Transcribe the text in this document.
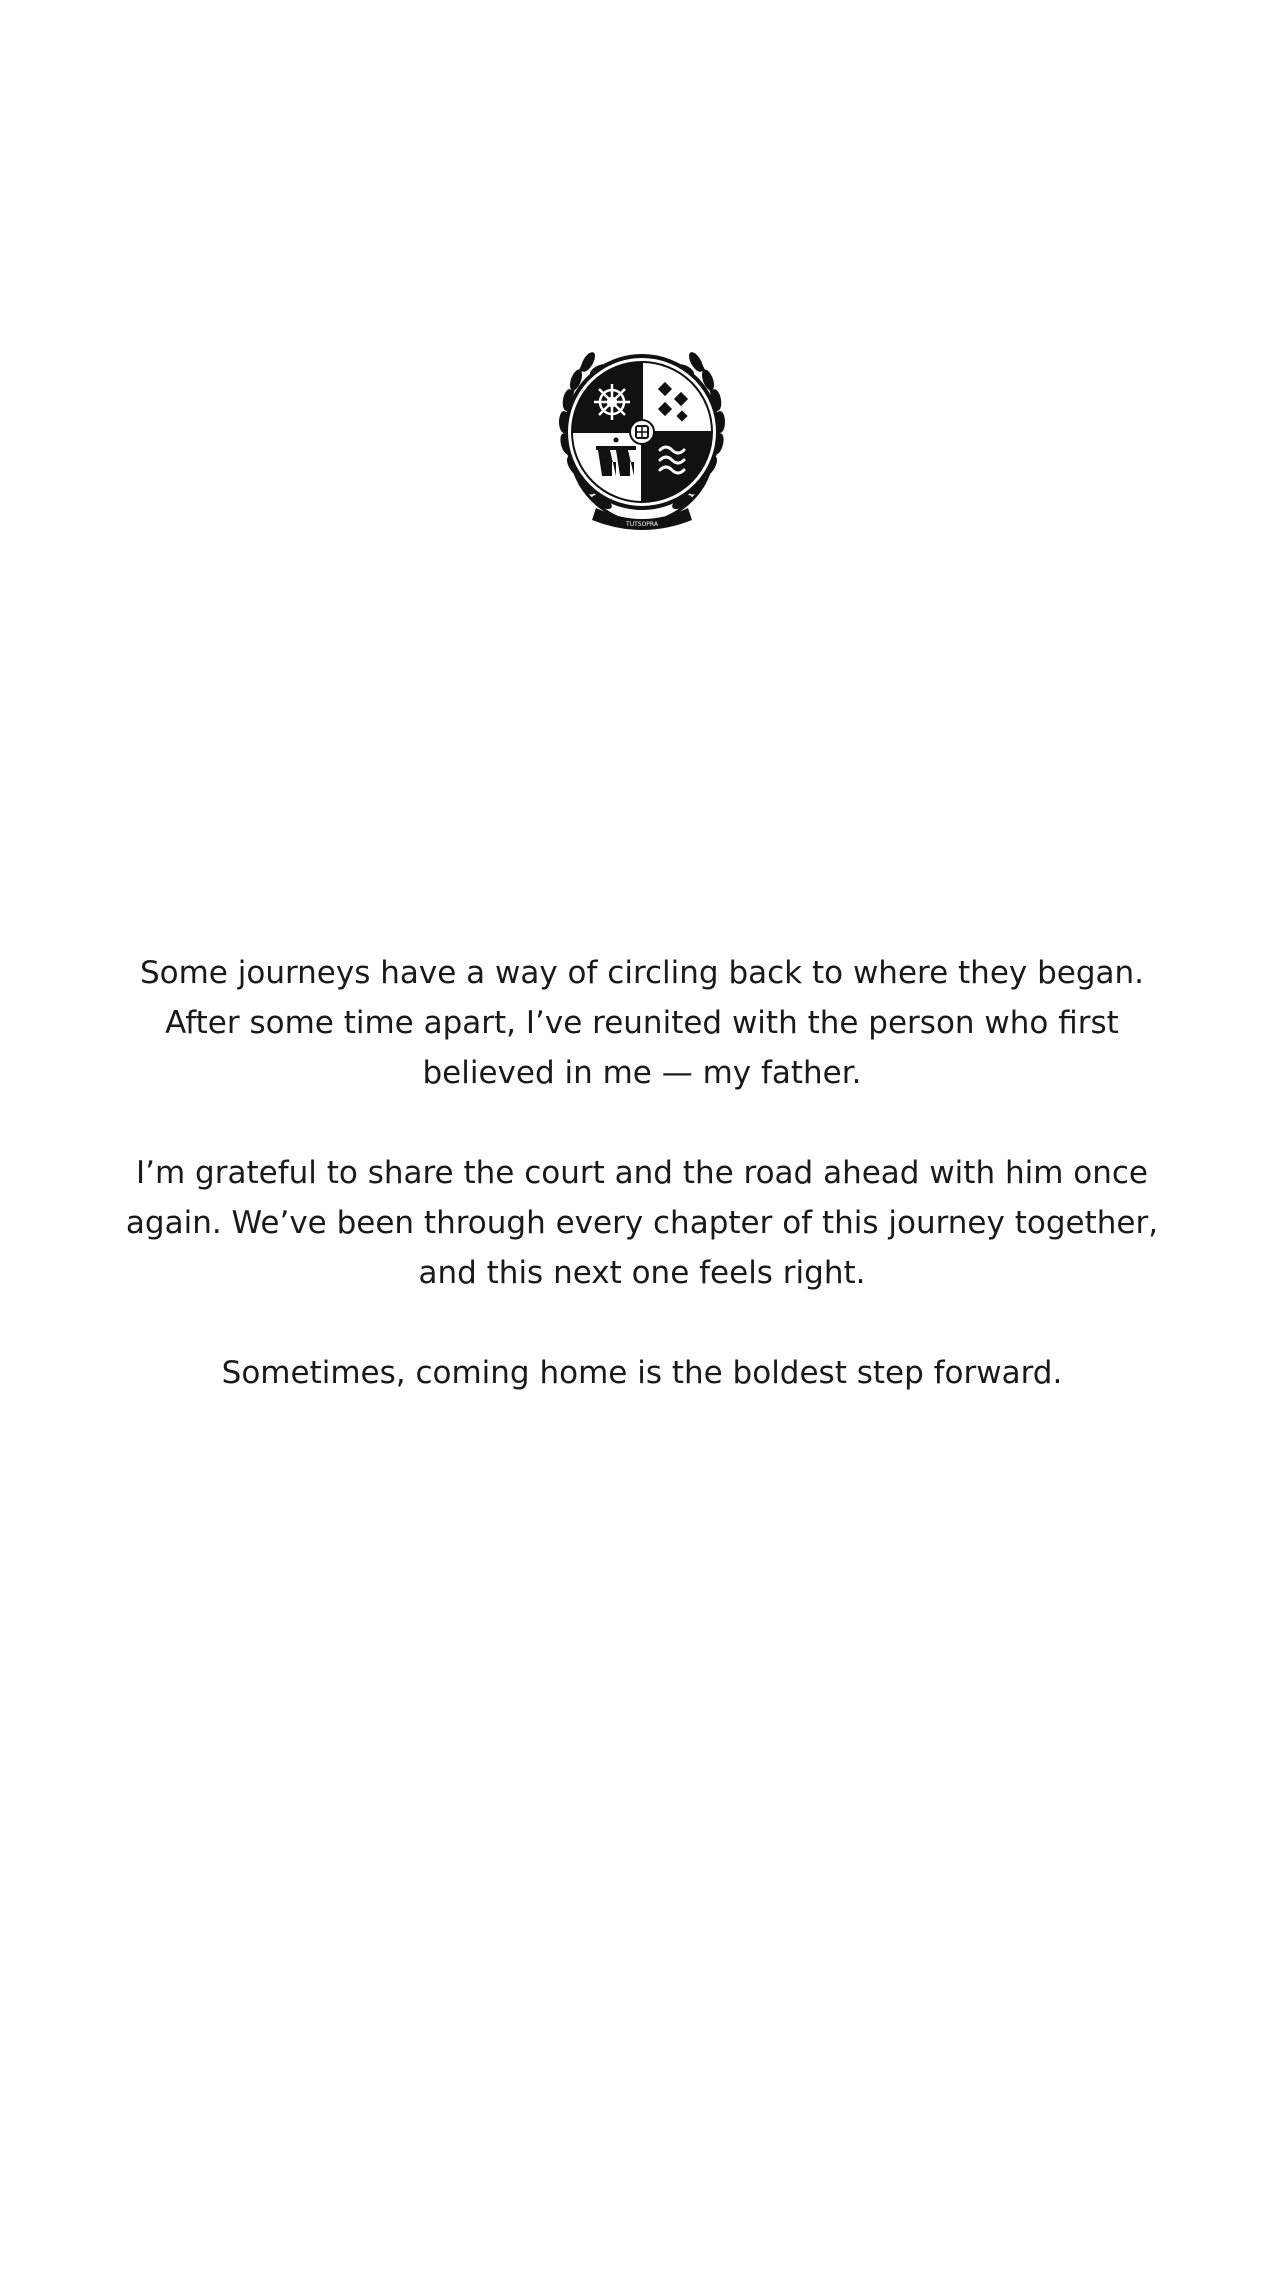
TUTSOPRA

Some journeys have a way of circling back to where they began. After some time apart, I’ve reunited with the person who first believed in me — my father.

I’m grateful to share the court and the road ahead with him once again. We’ve been through every chapter of this journey together, and this next one feels right.

Sometimes, coming home is the boldest step forward.
